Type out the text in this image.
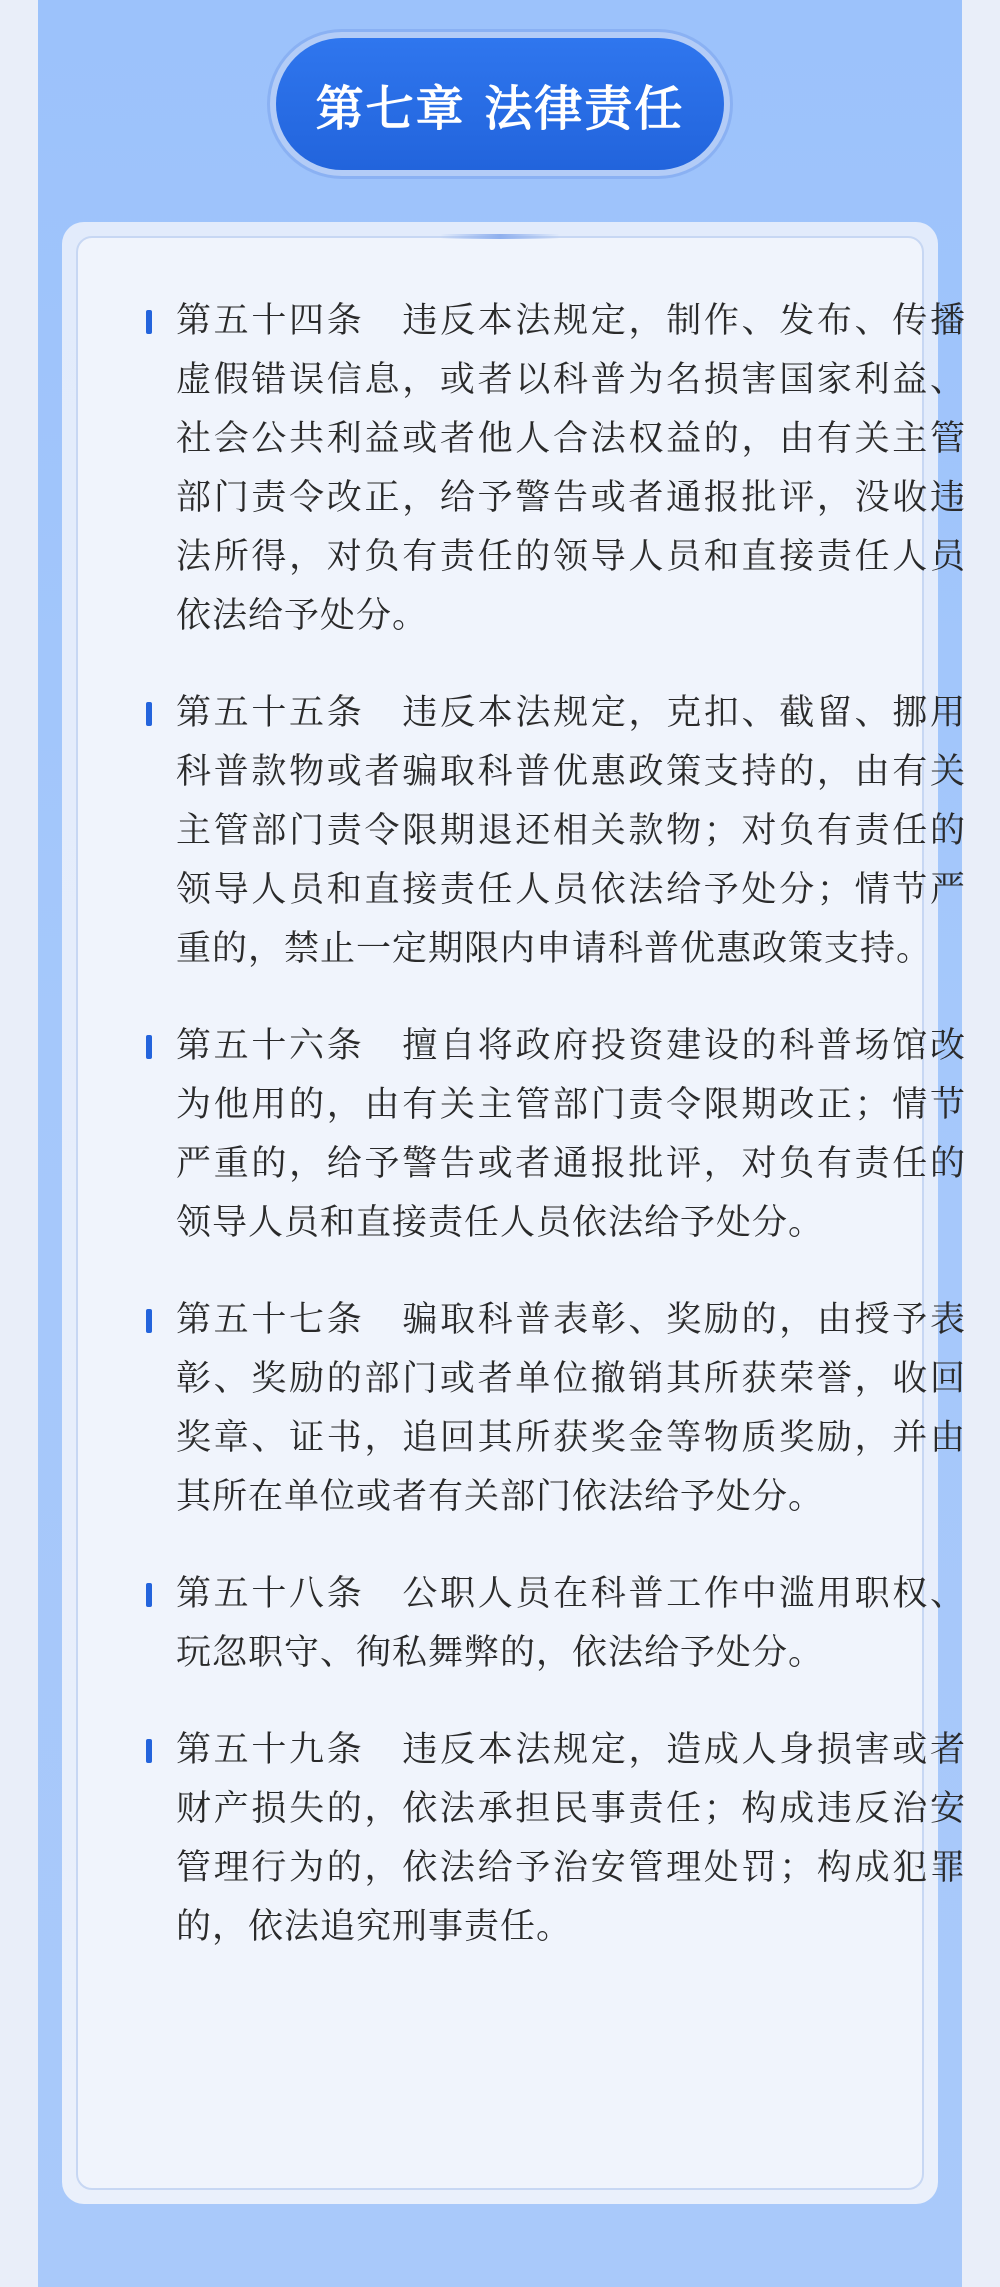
第七章 法律责任
第五十四条 违反本法规定，制作、发布、传播虚假错误信息，或者以科普为名损害国家利益、社会公共利益或者他人合法权益的，由有关主管部门责令改正，给予警告或者通报批评，没收违法所得，对负有责任的领导人员和直接责任人员依法给予处分。
第五十五条 违反本法规定，克扣、截留、挪用科普款物或者骗取科普优惠政策支持的，由有关主管部门责令限期退还相关款物；对负有责任的领导人员和直接责任人员依法给予处分；情节严重的，禁止一定期限内申请科普优惠政策支持。
第五十六条 擅自将政府投资建设的科普场馆改为他用的，由有关主管部门责令限期改正；情节严重的，给予警告或者通报批评，对负有责任的领导人员和直接责任人员依法给予处分。
第五十七条 骗取科普表彰、奖励的，由授予表彰、奖励的部门或者单位撤销其所获荣誉，收回奖章、证书，追回其所获奖金等物质奖励，并由其所在单位或者有关部门依法给予处分。
第五十八条 公职人员在科普工作中滥用职权、玩忽职守、徇私舞弊的，依法给予处分。
第五十九条 违反本法规定，造成人身损害或者财产损失的，依法承担民事责任；构成违反治安管理行为的，依法给予治安管理处罚；构成犯罪的，依法追究刑事责任。
